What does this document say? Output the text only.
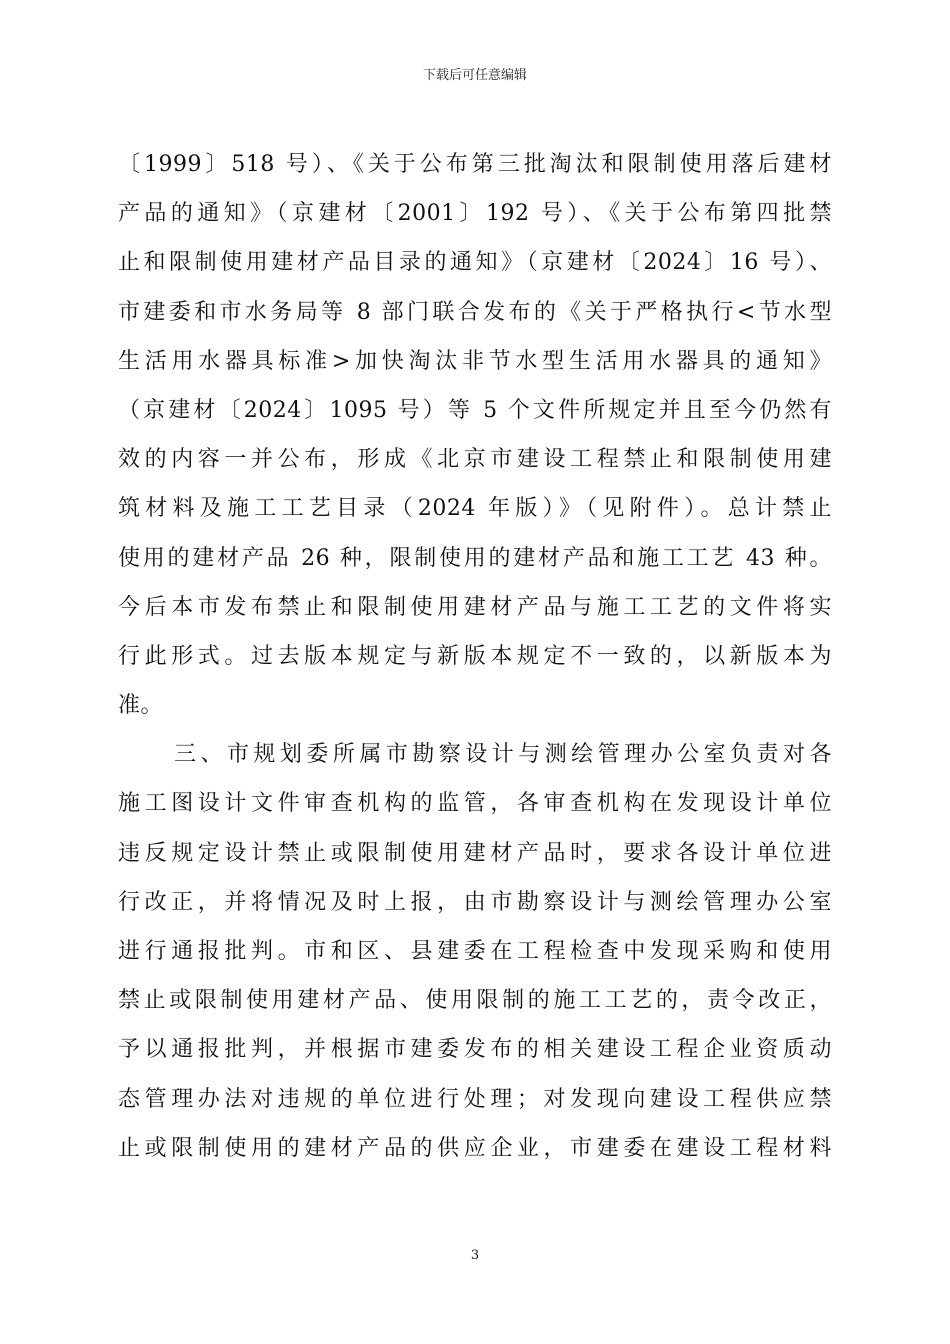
下载后可任意编辑
〔1999〕518 号）、《关于公布第三批淘汰和限制使用落后建材
产品的通知》（京建材〔2001〕192 号）、《关于公布第四批禁
止和限制使用建材产品目录的通知》（京建材〔2024〕16 号）、
市建委和市水务局等 8 部门联合发布的《关于严格执行<节水型
生活用水器具标准>加快淘汰非节水型生活用水器具的通知》
（京建材〔2024〕1095 号）等 5 个文件所规定并且至今仍然有
效的内容一并公布，形成《北京市建设工程禁止和限制使用建
筑材料及施工工艺目录（2024 年版）》（见附件）。总计禁止
使用的建材产品 26 种，限制使用的建材产品和施工工艺 43 种。
今后本市发布禁止和限制使用建材产品与施工工艺的文件将实
行此形式。过去版本规定与新版本规定不一致的，以新版本为
准。
三、市规划委所属市勘察设计与测绘管理办公室负责对各
施工图设计文件审查机构的监管，各审查机构在发现设计单位
违反规定设计禁止或限制使用建材产品时，要求各设计单位进
行改正，并将情况及时上报，由市勘察设计与测绘管理办公室
进行通报批判。市和区、县建委在工程检查中发现采购和使用
禁止或限制使用建材产品、使用限制的施工工艺的，责令改正，
予以通报批判，并根据市建委发布的相关建设工程企业资质动
态管理办法对违规的单位进行处理；对发现向建设工程供应禁
止或限制使用的建材产品的供应企业，市建委在建设工程材料
3
